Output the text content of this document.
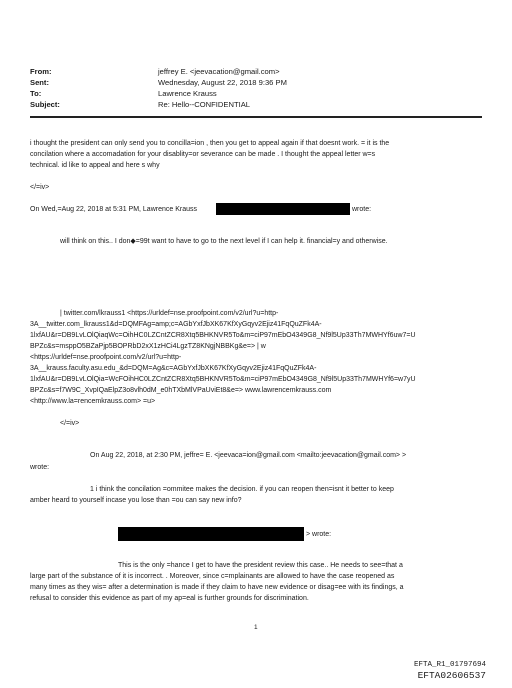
From:	jeffrey E. <jeevacation@gmail.com>
Sent:	Wednesday, August 22, 2018 9:36 PM
To:	Lawrence Krauss
Subject:	Re: Hello--CONFIDENTIAL
i thought the president can only send you to concilla=ion , then you get to appeal again if that doesnt work. = it is the
concilation where a accomadation for your disablity=or severance can be made . I thought the appeal letter w=s
technical. id like to appeal and here s why
</=iv>
On Wed,=Aug 22, 2018 at 5:31 PM, Lawrence Krauss	wrote:
will think on this.. I don◆=99t want to have to go to the next level if I can help it. financial=y and otherwise.
| twitter.com/lkrauss1 <https://urldef=nse.proofpoint.com/v2/url?u=http-
3A__twitter.com_lkrauss1&d=DQMFAg=amp;c=AGbYxfJbXK67KfXyGqyv2Ejiz41FqQuZFk4A-
1lxfAU&r=DB9LvLOlQiaqWc=OihHC0LZCntZCR8Xtq5BHKNVR5To&m=ciP97mEbO4349G8_Nf9l5Up33Th7MWHYf6uw7=U
BPZc&s=msppO5BZaPjp5BOPRbD2xX1zHCi4LgzTZ8KNgjNBBKg&e=> | w
<https://urldef=nse.proofpoint.com/v2/url?u=http-
3A__krauss.faculty.asu.edu_&d=DQM=Ag&c=AGbYxfJbXK67KfXyGqyv2Ejiz41FqQuZFk4A-
1lxfAU&r=DB9LvLOlQia=WcFOihHC0LZCntZCR8Xtq5BHKNVR5To&m=ciP97mEbO4349G8_Nf9l5Up33Th7MWHYf6=w7yU
BPZc&s=f7W9C_XvpIQaElpZ3o8vlh0dM_e0hTXbMlVPaUviEt8&e=> www.lawrencemkrauss.com
<http://www.la=rencemkrauss.com> =u>
</=iv>
On Aug 22, 2018, at 2:30 PM, jeffre= E. <jeevaca=ion@gmail.com <mailto:jeevacation@gmail.com> >
wrote:
1 i think the concilation =ommitee makes the decision. if you can reopen then=isnt it better to keep
amber heard to yourself incase you lose than =ou can say new info?
> wrote:
This is the only =hance I get to have the president review this case.. He needs to see=that a
large part of the substance of it is incorrect. . Moreover, since c=mplainants are allowed to have the case reopened as
many times as they wis= after a determination is made if they claim to have new evidence or disag=ee with its findings, a
refusal to consider this evidence as part of my ap=eal is further grounds for discrimination.
1
EFTA_R1_01797694
EFTA02606537
